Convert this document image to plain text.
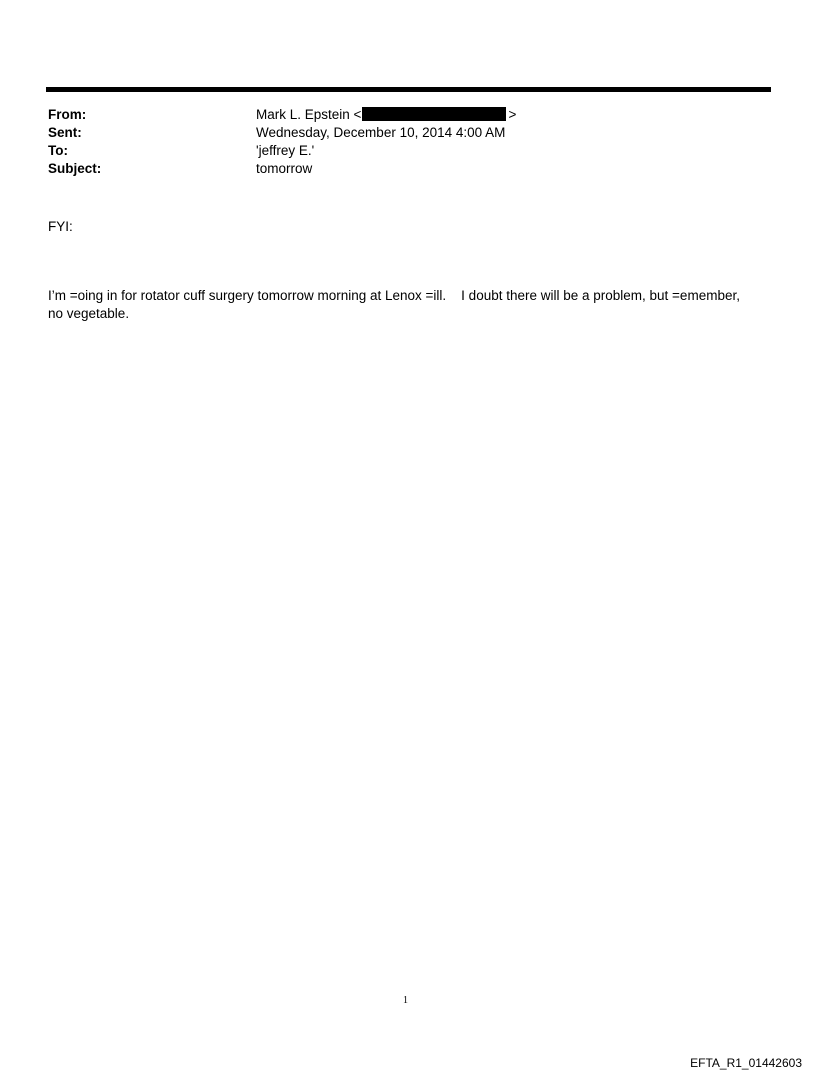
From:	Mark L. Epstein <	>
Sent:	Wednesday, December 10, 2014 4:00 AM
To:	'jeffrey E.'
Subject:	tomorrow
FYI:
I’m =oing in for rotator cuff surgery tomorrow morning at Lenox =ill.    I doubt there will be a problem, but =emember,
no vegetable.
1
EFTA_R1_01442603
